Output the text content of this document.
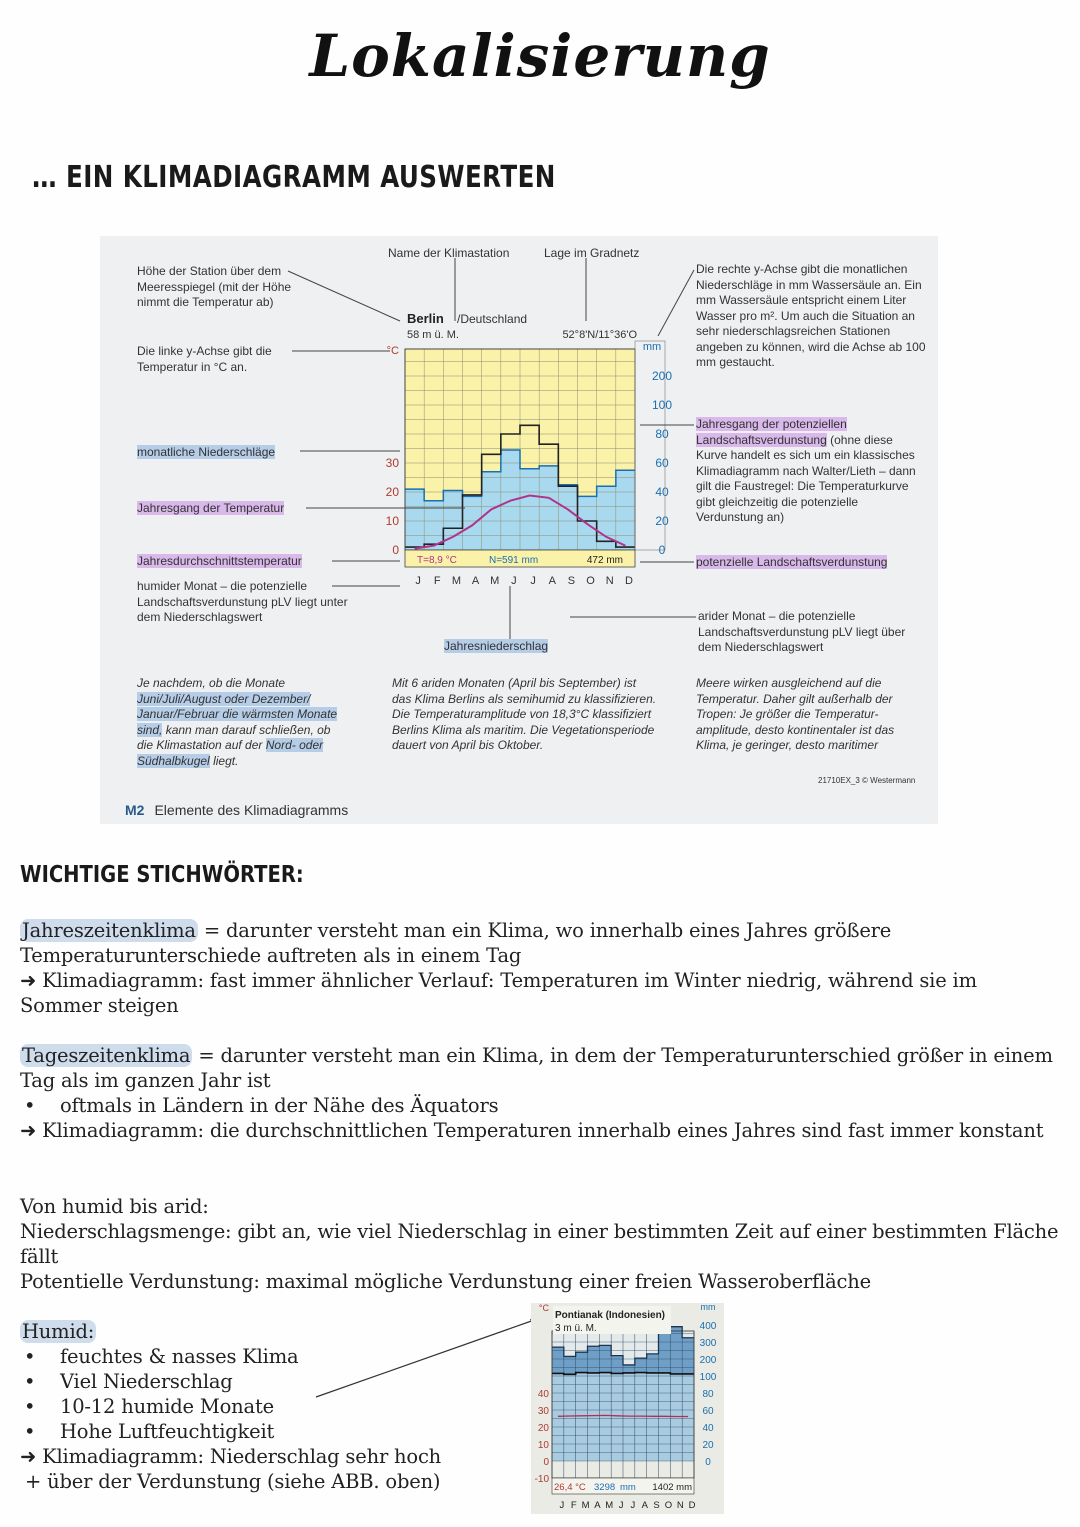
Lokalisierung
… EIN KLIMADIAGRAMM AUSWERTEN
Name der Klimastation	Lage im Gradnetz
Höhe der Station über dem Meeresspiegel (mit der Höhe nimmt die Temperatur ab)
Die linke y-Achse gibt die Temperatur in °C an.
Die rechte y-Achse gibt die monatlichen Niederschläge in mm Wassersäule an. Ein mm Wassersäule entspricht einem Liter Wasser pro m². Um auch die Situation an sehr niederschlagsreichen Stationen angeben zu können, wird die Achse ab 100 mm gestaucht.
monatliche Niederschläge
Jahresgang der Temperatur
Jahresdurchschnittstemperatur
humider Monat – die potenzielle Landschaftsverdunstung pLV liegt unter dem Niederschlagswert
Jahresgang der potenziellen Landschaftsverdunstung (ohne diese Kurve handelt es sich um ein klassisches Klimadiagramm nach Walter/Lieth – dann gilt die Faustregel: Die Temperaturkurve gibt gleichzeitig die potenzielle Verdunstung an)
potenzielle Landschaftsverdunstung
arider Monat – die potenzielle Landschaftsverdunstung pLV liegt über dem Niederschlagswert
Jahresniederschlag
Je nachdem, ob die Monate Juni/Juli/August oder Dezember/ Januar/Februar die wärmsten Monate sind, kann man darauf schließen, ob die Klimastation auf der Nord- oder Südhalbkugel liegt.
Mit 6 ariden Monaten (April bis September) ist das Klima Berlins als semihumid zu klassifizieren. Die Temperaturamplitude von 18,3°C klassifiziert Berlins Klima als maritim. Die Vegetationsperiode dauert von April bis Oktober.
Meere wirken ausgleichend auf die Temperatur. Daher gilt außerhalb der Tropen: Je größer die Temperatur-amplitude, desto kontinentaler ist das Klima, je geringer, desto maritimer
21710EX_3 © Westermann
30
20
10
0
°C
200
100
80
60
40
20
0
mm
Berlin /Deutschland
58 m ü. M.	52°8'N/11°36'O
T=8,9 °C	N=591 mm	472 mm
J F M A M J J A S O N D
M2 Elemente des Klimadiagramms
WICHTIGE STICHWÖRTER:

Jahreszeitenklima = darunter versteht man ein Klima, wo innerhalb eines Jahres größere Temperaturunterschiede auftreten als in einem Tag

➜ Klimadiagramm: fast immer ähnlicher Verlauf: Temperaturen im Winter niedrig, während sie im Sommer steigen

Tageszeitenklima = darunter versteht man ein Klima, in dem der Temperaturunterschied größer in einem Tag als im ganzen Jahr ist

• oftmals in Ländern in der Nähe des Äquators

➜ Klimadiagramm: die durchschnittlichen Temperaturen innerhalb eines Jahres sind fast immer konstant

Von humid bis arid:

Niederschlagsmenge: gibt an, wie viel Niederschlag in einer bestimmten Zeit auf einer bestimmten Fläche fällt

Potentielle Verdunstung: maximal mögliche Verdunstung einer freien Wasseroberfläche

Humid:

• feuchtes & nasses Klima

• Viel Niederschlag

• 10-12 humide Monate

• Hohe Luftfeuchtigkeit

➜ Klimadiagramm: Niederschlag sehr hoch

+ über der Verdunstung (siehe ABB. oben)

Pontianak (Indonesien)
3 m ü. M.
40
30
20
10
0
-10
°C
400
300
200
100
80
60
40
20
0
mm
26,4 °C 3298 mm 1402 mm
J F M A M J J A S O N D
